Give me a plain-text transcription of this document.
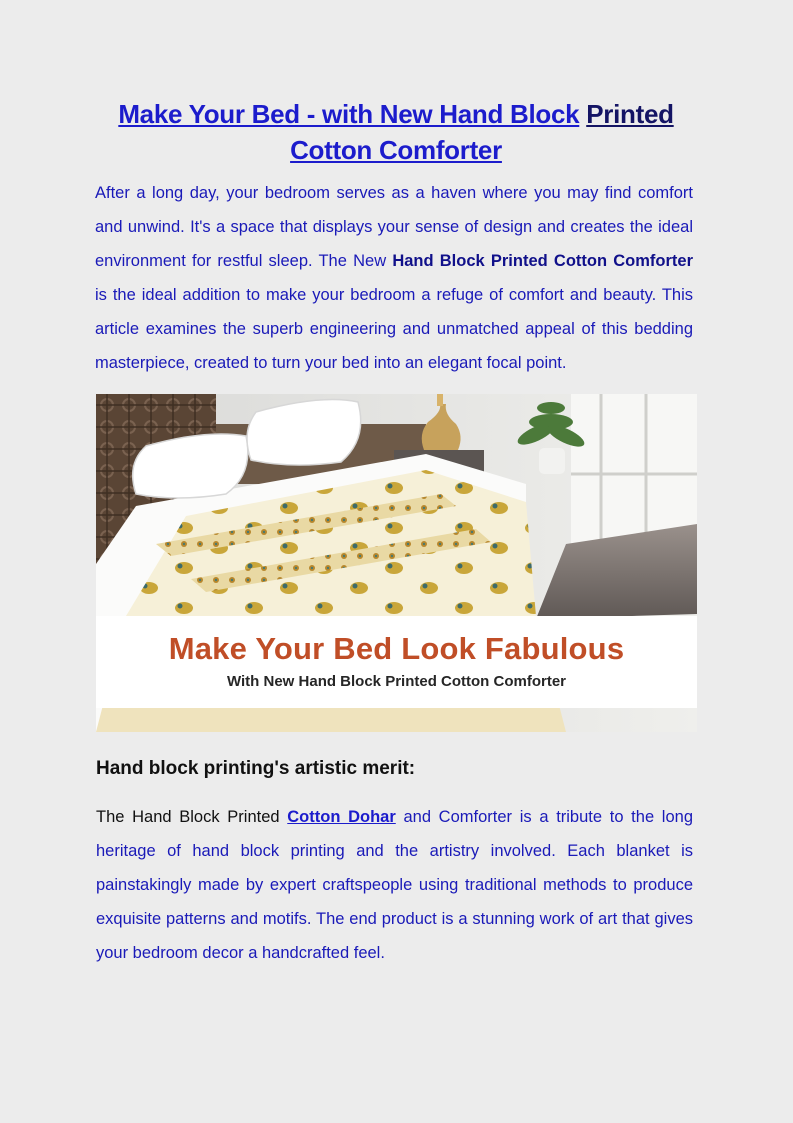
Make Your Bed - with New Hand Block Printed
Cotton Comforter

After a long day, your bedroom serves as a haven where you may find comfort and unwind. It's a space that displays your sense of design and creates the ideal environment for restful sleep. The New Hand Block Printed Cotton Comforter is the ideal addition to make your bedroom a refuge of comfort and beauty. This article examines the superb engineering and unmatched appeal of this bedding masterpiece, created to turn your bed into an elegant focal point.

Make Your Bed Look Fabulous
With New Hand Block Printed Cotton Comforter
Hand block printing's artistic merit:

The Hand Block Printed Cotton Dohar and Comforter is a tribute to the long heritage of hand block printing and the artistry involved. Each blanket is painstakingly made by expert craftspeople using traditional methods to produce exquisite patterns and motifs. The end product is a stunning work of art that gives your bedroom decor a handcrafted feel.
